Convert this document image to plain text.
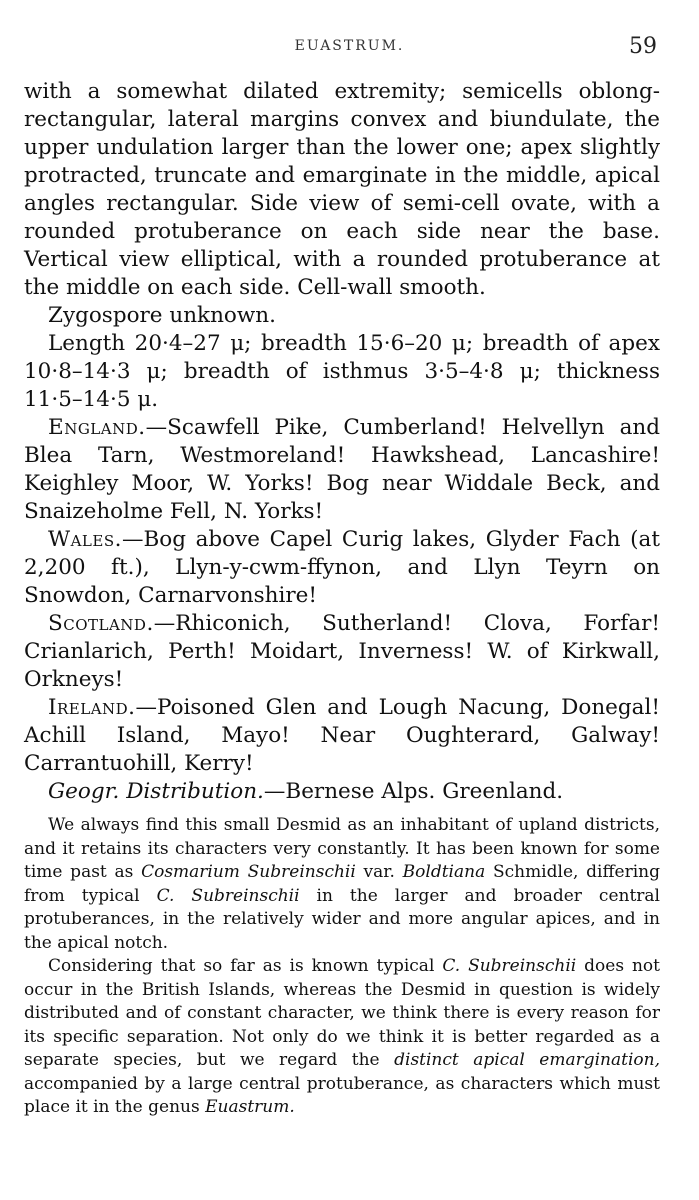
EUASTRUM.	59

with a somewhat dilated extremity; semicells oblong-rectangular, lateral margins convex and biundulate, the upper undulation larger than the lower one; apex slightly protracted, truncate and emarginate in the middle, apical angles rectangular. Side view of semi-cell ovate, with a rounded protuberance on each side near the base. Vertical view elliptical, with a rounded protuberance at the middle on each side. Cell-wall smooth.

Zygospore unknown.

Length 20·4–27 μ; breadth 15·6–20 μ; breadth of apex 10·8–14·3 μ; breadth of isthmus 3·5–4·8 μ; thickness 11·5–14·5 μ.

England.—Scawfell Pike, Cumberland! Helvellyn and Blea Tarn, Westmoreland! Hawkshead, Lancashire! Keighley Moor, W. Yorks! Bog near Widdale Beck, and Snaizeholme Fell, N. Yorks!

Wales.—Bog above Capel Curig lakes, Glyder Fach (at 2,200 ft.), Llyn-y-cwm-ffynon, and Llyn Teyrn on Snowdon, Carnarvonshire!

Scotland.—Rhiconich, Sutherland! Clova, Forfar! Crianlarich, Perth! Moidart, Inverness! W. of Kirkwall, Orkneys!

Ireland.—Poisoned Glen and Lough Nacung, Donegal! Achill Island, Mayo! Near Oughterard, Galway! Carrantuohill, Kerry!

Geogr. Distribution.—Bernese Alps. Greenland.

We always find this small Desmid as an inhabitant of upland districts, and it retains its characters very constantly. It has been known for some time past as Cosmarium Subreinschii var. Boldtiana Schmidle, differing from typical C. Subreinschii in the larger and broader central protuberances, in the relatively wider and more angular apices, and in the apical notch.

Considering that so far as is known typical C. Subreinschii does not occur in the British Islands, whereas the Desmid in question is widely distributed and of constant character, we think there is every reason for its specific separation. Not only do we think it is better regarded as a separate species, but we regard the distinct apical emargination, accompanied by a large central protuberance, as characters which must place it in the genus Euastrum.
